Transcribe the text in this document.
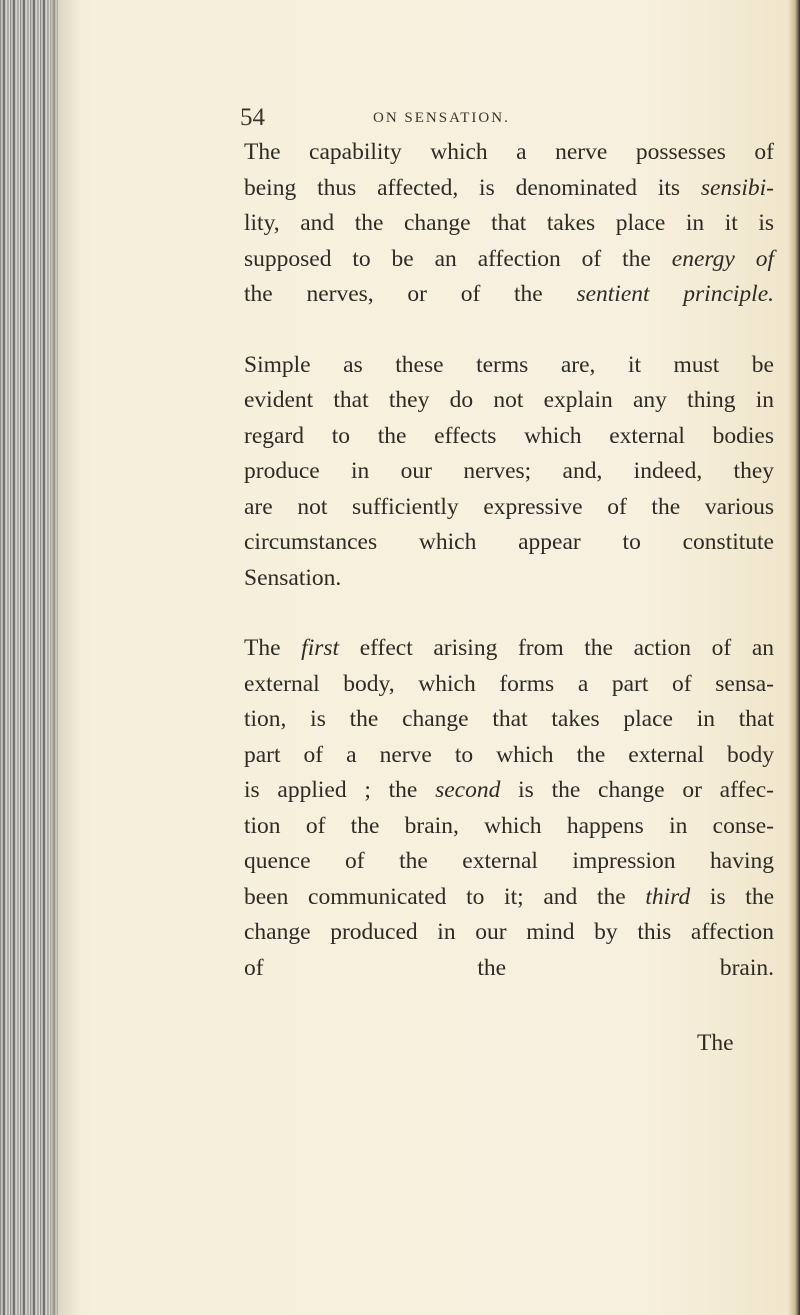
54	ON SENSATION.

The capability which a nerve possesses of
being thus affected, is denominated its sensibi-
lity, and the change that takes place in it is
supposed to be an affection of the energy of
the nerves, or of the sentient principle.

Simple as these terms are, it must be
evident that they do not explain any thing in
regard to the effects which external bodies
produce in our nerves; and, indeed, they
are not sufficiently expressive of the various
circumstances which appear to constitute
Sensation.

The first effect arising from the action of an
external body, which forms a part of sensa-
tion, is the change that takes place in that
part of a nerve to which the external body
is applied ; the second is the change or affec-
tion of the brain, which happens in conse-
quence of the external impression having
been communicated to it; and the third is the
change produced in our mind by this affection
of the brain.

The
